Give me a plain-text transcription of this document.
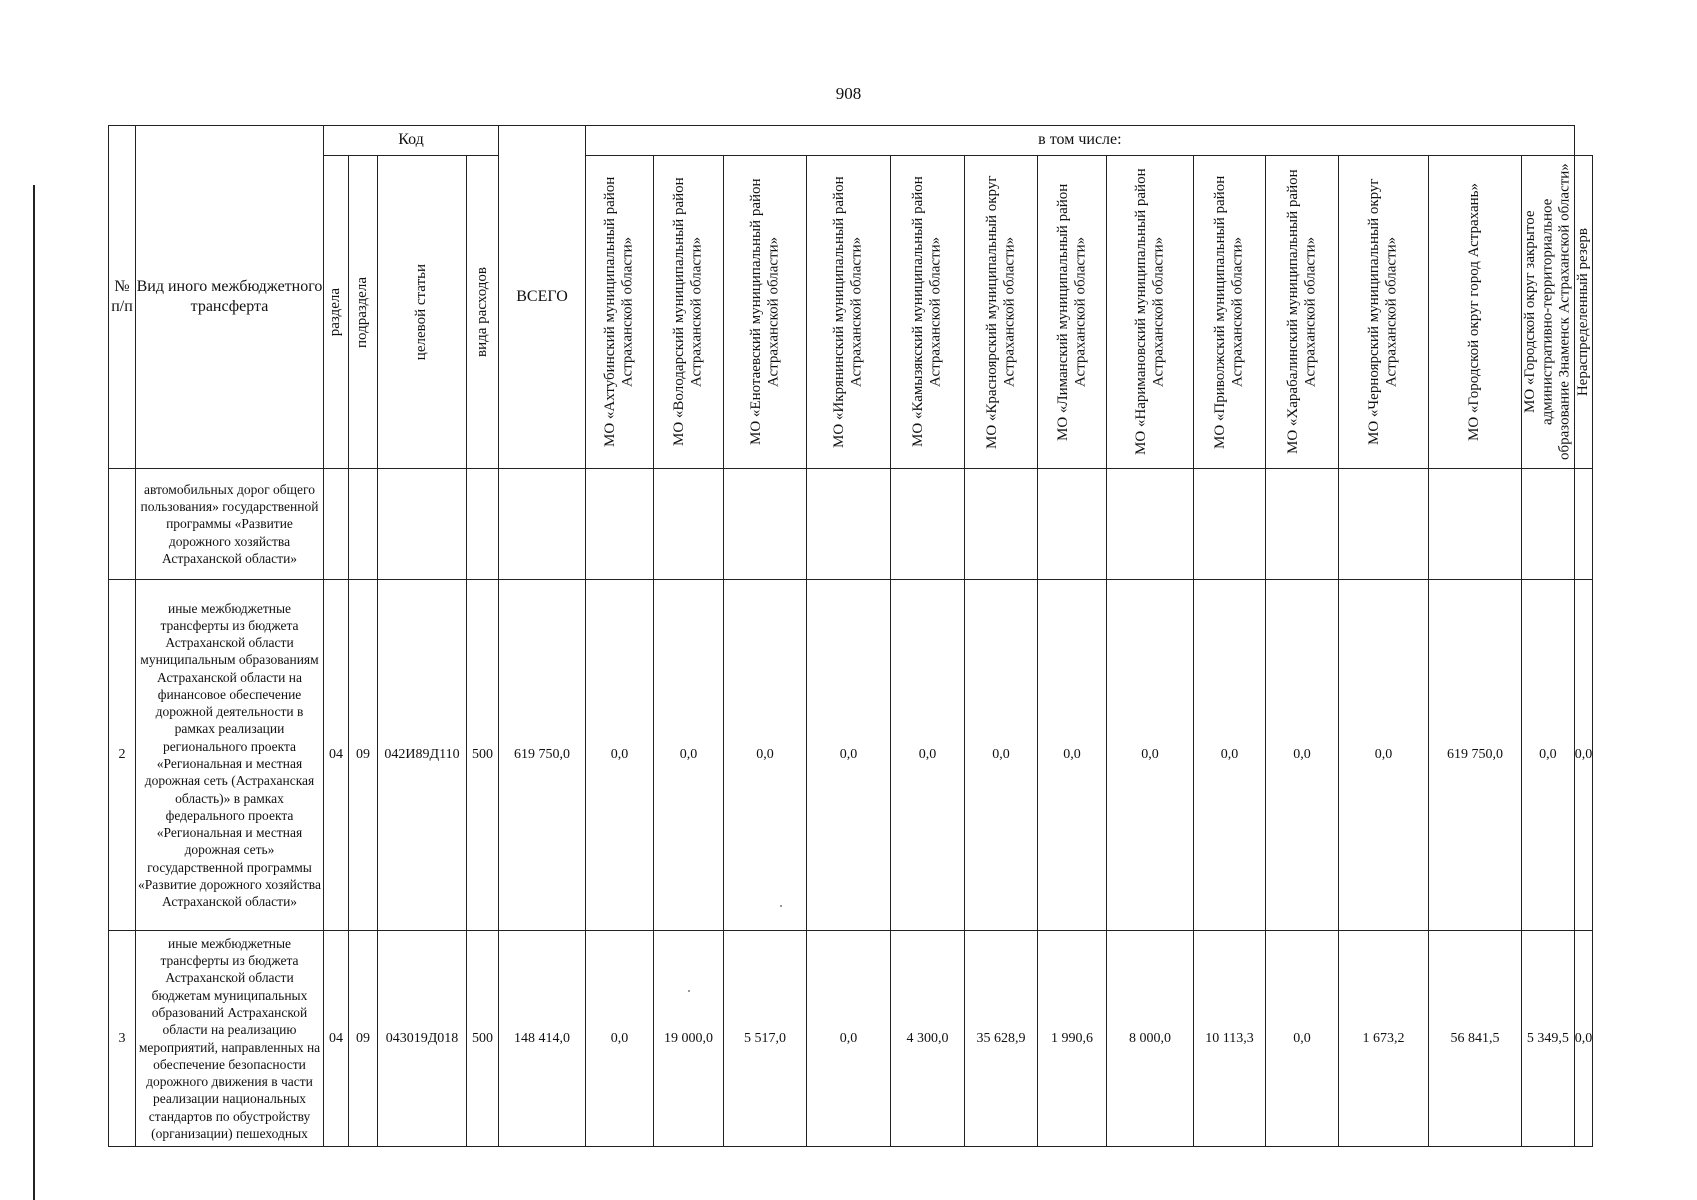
908
№ п/п	Вид иного межбюджетного трансферта	Код				ВСЕГО	в том числе:													

		раздела	подраздела	целевой статьи	вида расходов		МО «Ахтубинский муниципальный район Астраханской области»	МО «Володарский муниципальный район Астраханской области»	МО «Енотаевский муниципальный район Астраханской области»	МО «Икрянинский муниципальный район Астраханской области»	МО «Камызякский муниципальный район Астраханской области»	МО «Красноярский муниципальный округ Астраханской области»	МО «Лиманский муниципальный район Астраханской области»	МО «Наримановский муниципальный район Астраханской области»	МО «Приволжский муниципальный район Астраханской области»	МО «Харабалинский муниципальный район Астраханской области»	МО «Черноярский муниципальный округ Астраханской области»	МО «Городской округ город Астрахань»	МО «Городской округ закрытое административно-территориальное образование Знаменск Астраханской области»	Нераспределенный резерв

	автомобильных дорог общего пользования» государственной программы «Развитие дорожного хозяйства Астраханской области»																			
2	иные межбюджетные трансферты из бюджета Астраханской области муниципальным образованиям Астраханской области на финансовое обеспечение дорожной деятельности в рамках реализации регионального проекта «Региональная и местная дорожная сеть (Астраханская область)» в рамках федерального проекта «Региональная и местная дорожная сеть» государственной программы «Развитие дорожного хозяйства Астраханской области»	04	09	042И89Д110	500	619 750,0	0,0	0,0	0,0	0,0	0,0	0,0	0,0	0,0	0,0	0,0	0,0	619 750,0	0,0	0,0
3	иные межбюджетные трансферты из бюджета Астраханской области бюджетам муниципальных образований Астраханской области на реализацию мероприятий, направленных на обеспечение безопасности дорожного движения в части реализации национальных стандартов по обустройству (организации) пешеходных	04	09	043019Д018	500	148 414,0	0,0	19 000,0	5 517,0	0,0	4 300,0	35 628,9	1 990,6	8 000,0	10 113,3	0,0	1 673,2	56 841,5	5 349,5	0,0
